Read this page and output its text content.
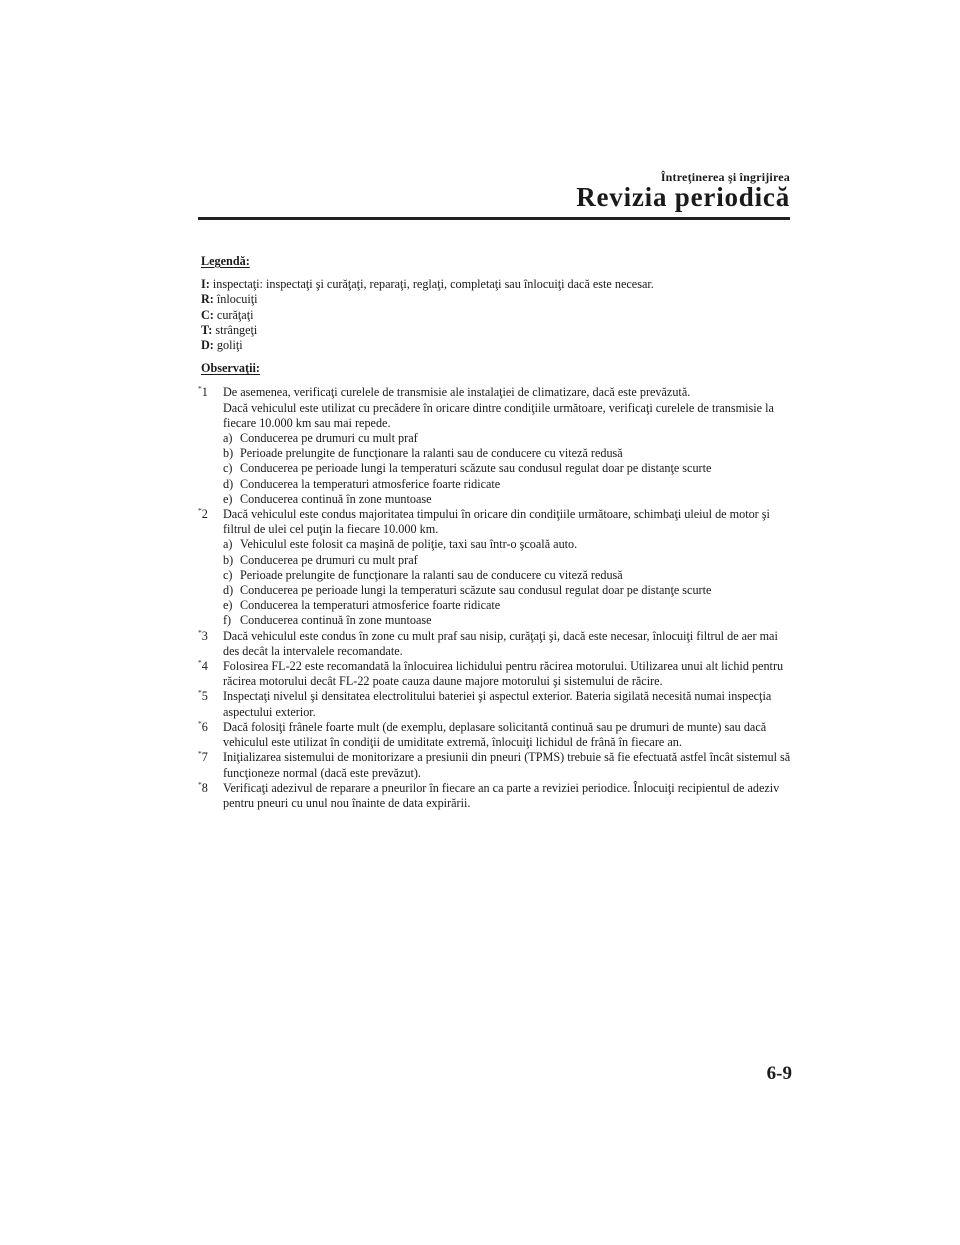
Întreţinerea şi îngrijirea
Revizia periodică
Legendă:
I: inspectaţi: inspectaţi şi curăţaţi, reparaţi, reglaţi, completaţi sau înlocuiţi dacă este necesar.
R: înlocuiţi
C: curăţaţi
T: strângeţi
D: goliţi
Observaţii:
*1 De asemenea, verificaţi curelele de transmisie ale instalaţiei de climatizare, dacă este prevăzută.
Dacă vehiculul este utilizat cu precădere în oricare dintre condiţiile următoare, verificaţi curelele de transmisie la fiecare 10.000 km sau mai repede.
a) Conducerea pe drumuri cu mult praf
b) Perioade prelungite de funcţionare la ralanti sau de conducere cu viteză redusă
c) Conducerea pe perioade lungi la temperaturi scăzute sau condusul regulat doar pe distanţe scurte
d) Conducerea la temperaturi atmosferice foarte ridicate
e) Conducerea continuă în zone muntoase
*2 Dacă vehiculul este condus majoritatea timpului în oricare din condiţiile următoare, schimbaţi uleiul de motor şi filtrul de ulei cel puţin la fiecare 10.000 km.
a) Vehiculul este folosit ca maşină de poliţie, taxi sau într-o şcoală auto.
b) Conducerea pe drumuri cu mult praf
c) Perioade prelungite de funcţionare la ralanti sau de conducere cu viteză redusă
d) Conducerea pe perioade lungi la temperaturi scăzute sau condusul regulat doar pe distanţe scurte
e) Conducerea la temperaturi atmosferice foarte ridicate
f) Conducerea continuă în zone muntoase
*3 Dacă vehiculul este condus în zone cu mult praf sau nisip, curăţaţi şi, dacă este necesar, înlocuiţi filtrul de aer mai des decât la intervalele recomandate.
*4 Folosirea FL-22 este recomandată la înlocuirea lichidului pentru răcirea motorului. Utilizarea unui alt lichid pentru răcirea motorului decât FL-22 poate cauza daune majore motorului şi sistemului de răcire.
*5 Inspectaţi nivelul şi densitatea electrolitului bateriei şi aspectul exterior. Bateria sigilată necesită numai inspecţia aspectului exterior.
*6 Dacă folosiţi frânele foarte mult (de exemplu, deplasare solicitantă continuă sau pe drumuri de munte) sau dacă vehiculul este utilizat în condiţii de umiditate extremă, înlocuiţi lichidul de frână în fiecare an.
*7 Iniţializarea sistemului de monitorizare a presiunii din pneuri (TPMS) trebuie să fie efectuată astfel încât sistemul să funcţioneze normal (dacă este prevăzut).
*8 Verificaţi adezivul de reparare a pneurilor în fiecare an ca parte a reviziei periodice. Înlocuiţi recipientul de adeziv pentru pneuri cu unul nou înainte de data expirării.
6-9
